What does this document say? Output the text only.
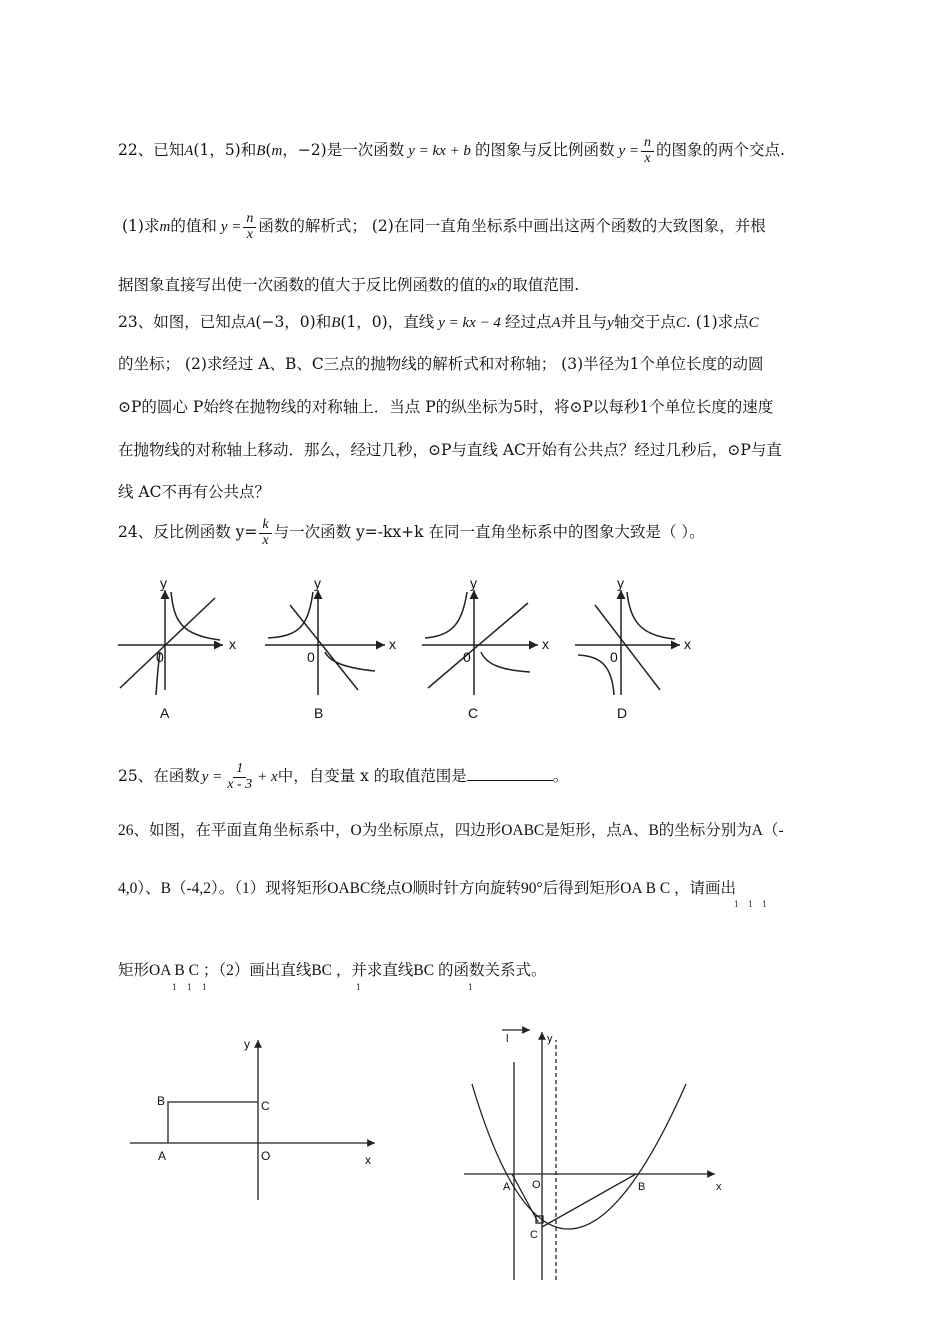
22、已知A(1，5)和B(m，−2)是一次函数 y = kx + b 的图象与反比例函数 $y = \frac{n}{x}$ 的图象的两个交点.
(1)求m的值和 $y = \frac{n}{x}$ 函数的解析式； (2)在同一直角坐标系中画出这两个函数的大致图象，并根
据图象直接写出使一次函数的值大于反比例函数的值的x的取值范围.
23、如图，已知点A(−3，0)和B(1，0)，直线 y = kx − 4 经过点A并且与y轴交于点C. (1)求点C
的坐标； (2)求经过 A、B、C三点的抛物线的解析式和对称轴； (3)半径为1个单位长度的动圆
⊙P的圆心 P始终在抛物线的对称轴上．当点 P的纵坐标为5时，将⊙P以每秒1个单位长度的速度
在抛物线的对称轴上移动．那么，经过几秒，⊙P与直线 AC开始有公共点？经过几秒后，⊙P与直
线 AC不再有公共点？
24、反比例函数 $y= \frac{k}{x}$ 与一次函数 y=-kx+k 在同一直角坐标系中的图象大致是（ ）。
x
y
0
A
x
y
0
B
x
y
0
C
x
y
0
D
25、在函数 $y = \frac{1}{x - 3} + x$中，自变量 x 的取值范围是	。
26、如图，在平面直角坐标系中，O为坐标原点，四边形OABC是矩形，点A、B的坐标分别为A（-
4,0）、B（-4,2）。（1）现将矩形OABC绕点O顺时针方向旋转90°后得到矩形OA B C ，请画出
1 1 1
矩形OA B C ；（2）画出直线BC ，并求直线BC 的函数关系式。
1 1 1	1	1
B	C
A	O	x
y	l	y
A O	B
C
x
